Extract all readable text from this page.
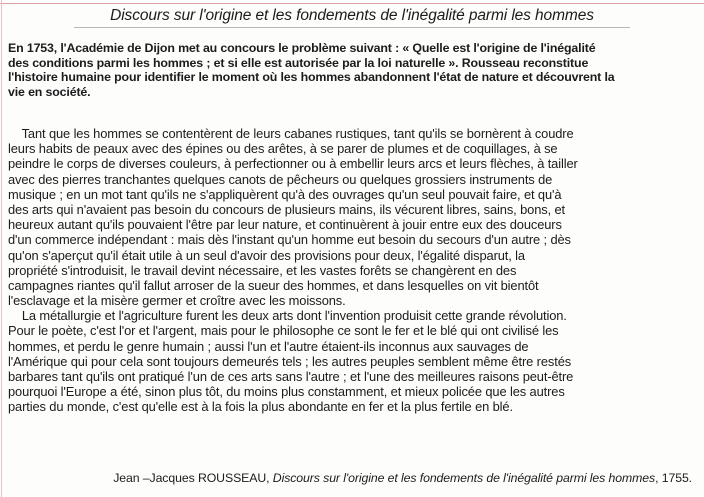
Discours sur l'origine et les fondements de l'inégalité parmi les hommes
En 1753, l'Académie de Dijon met au concours le problème suivant : « Quelle est l'origine de l'inégalité
des conditions parmi les hommes ; et si elle est autorisée par la loi naturelle ». Rousseau reconstitue
l'histoire humaine pour identifier le moment où les hommes abandonnent l'état de nature et découvrent la
vie en société.
Tant que les hommes se contentèrent de leurs cabanes rustiques, tant qu'ils se bornèrent à coudre
leurs habits de peaux avec des épines ou des arêtes, à se parer de plumes et de coquillages, à se
peindre le corps de diverses couleurs, à perfectionner ou à embellir leurs arcs et leurs flèches, à tailler
avec des pierres tranchantes quelques canots de pêcheurs ou quelques grossiers instruments de
musique ; en un mot tant qu'ils ne s'appliquèrent qu'à des ouvrages qu'un seul pouvait faire, et qu'à
des arts qui n'avaient pas besoin du concours de plusieurs mains, ils vécurent libres, sains, bons, et
heureux autant qu'ils pouvaient l'être par leur nature, et continuèrent à jouir entre eux des douceurs
d'un commerce indépendant : mais dès l'instant qu'un homme eut besoin du secours d'un autre ; dès
qu'on s'aperçut qu'il était utile à un seul d'avoir des provisions pour deux, l'égalité disparut, la
propriété s'introduisit, le travail devint nécessaire, et les vastes forêts se changèrent en des
campagnes riantes qu'il fallut arroser de la sueur des hommes, et dans lesquelles on vit bientôt
l'esclavage et la misère germer et croître avec les moissons.
La métallurgie et l'agriculture furent les deux arts dont l'invention produisit cette grande révolution.
Pour le poète, c'est l'or et l'argent, mais pour le philosophe ce sont le fer et le blé qui ont civilisé les
hommes, et perdu le genre humain ; aussi l'un et l'autre étaient-ils inconnus aux sauvages de
l'Amérique qui pour cela sont toujours demeurés tels ; les autres peuples semblent même être restés
barbares tant qu'ils ont pratiqué l'un de ces arts sans l'autre ; et l'une des meilleures raisons peut-être
pourquoi l'Europe a été, sinon plus tôt, du moins plus constamment, et mieux policée que les autres
parties du monde, c'est qu'elle est à la fois la plus abondante en fer et la plus fertile en blé.
Jean –Jacques ROUSSEAU, Discours sur l'origine et les fondements de l'inégalité parmi les hommes, 1755.
